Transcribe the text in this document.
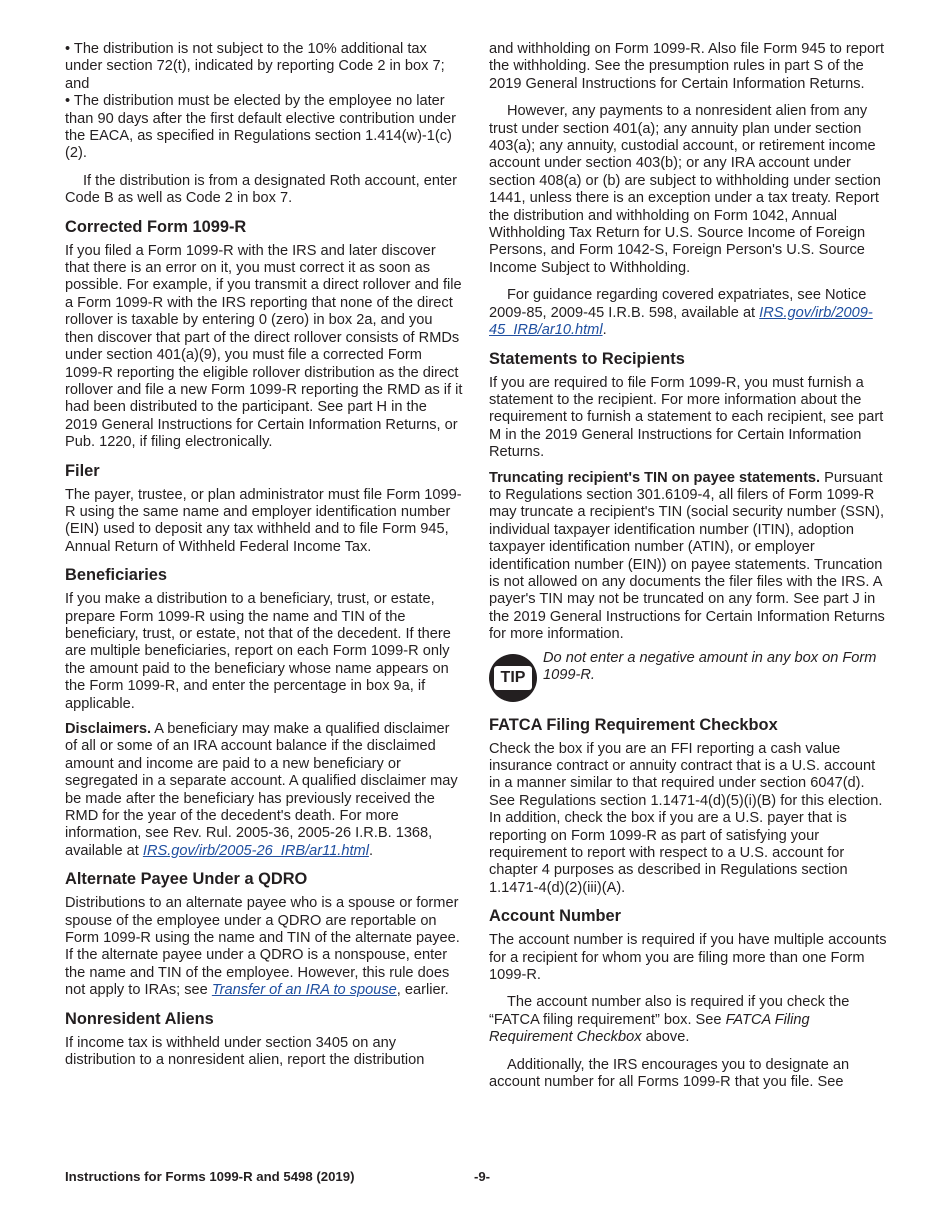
• The distribution is not subject to the 10% additional tax under section 72(t), indicated by reporting Code 2 in box 7; and

• The distribution must be elected by the employee no later than 90 days after the first default elective contribution under the EACA, as specified in Regulations section 1.414(w)-1(c)(2).

If the distribution is from a designated Roth account, enter Code B as well as Code 2 in box 7.

Corrected Form 1099-R

If you filed a Form 1099-R with the IRS and later discover that there is an error on it, you must correct it as soon as possible. For example, if you transmit a direct rollover and file a Form 1099-R with the IRS reporting that none of the direct rollover is taxable by entering 0 (zero) in box 2a, and you then discover that part of the direct rollover consists of RMDs under section 401(a)(9), you must file a corrected Form 1099-R reporting the eligible rollover distribution as the direct rollover and file a new Form 1099-R reporting the RMD as if it had been distributed to the participant. See part H in the 2019 General Instructions for Certain Information Returns, or Pub. 1220, if filing electronically.

Filer

The payer, trustee, or plan administrator must file Form 1099-R using the same name and employer identification number (EIN) used to deposit any tax withheld and to file Form 945, Annual Return of Withheld Federal Income Tax.

Beneficiaries

If you make a distribution to a beneficiary, trust, or estate, prepare Form 1099-R using the name and TIN of the beneficiary, trust, or estate, not that of the decedent. If there are multiple beneficiaries, report on each Form 1099-R only the amount paid to the beneficiary whose name appears on the Form 1099-R, and enter the percentage in box 9a, if applicable.

Disclaimers. A beneficiary may make a qualified disclaimer of all or some of an IRA account balance if the disclaimed amount and income are paid to a new beneficiary or segregated in a separate account. A qualified disclaimer may be made after the beneficiary has previously received the RMD for the year of the decedent's death. For more information, see Rev. Rul. 2005-36, 2005-26 I.R.B. 1368, available at IRS.gov/irb/2005-26_IRB/ar11.html.

Alternate Payee Under a QDRO

Distributions to an alternate payee who is a spouse or former spouse of the employee under a QDRO are reportable on Form 1099-R using the name and TIN of the alternate payee. If the alternate payee under a QDRO is a nonspouse, enter the name and TIN of the employee. However, this rule does not apply to IRAs; see Transfer of an IRA to spouse, earlier.

Nonresident Aliens

If income tax is withheld under section 3405 on any distribution to a nonresident alien, report the distribution

and withholding on Form 1099-R. Also file Form 945 to report the withholding. See the presumption rules in part S of the 2019 General Instructions for Certain Information Returns.

However, any payments to a nonresident alien from any trust under section 401(a); any annuity plan under section 403(a); any annuity, custodial account, or retirement income account under section 403(b); or any IRA account under section 408(a) or (b) are subject to withholding under section 1441, unless there is an exception under a tax treaty. Report the distribution and withholding on Form 1042, Annual Withholding Tax Return for U.S. Source Income of Foreign Persons, and Form 1042-S, Foreign Person's U.S. Source Income Subject to Withholding.

For guidance regarding covered expatriates, see Notice 2009-85, 2009-45 I.R.B. 598, available at IRS.gov/irb/2009-45_IRB/ar10.html.

Statements to Recipients

If you are required to file Form 1099-R, you must furnish a statement to the recipient. For more information about the requirement to furnish a statement to each recipient, see part M in the 2019 General Instructions for Certain Information Returns.

Truncating recipient's TIN on payee statements. Pursuant to Regulations section 301.6109-4, all filers of Form 1099-R may truncate a recipient's TIN (social security number (SSN), individual taxpayer identification number (ITIN), adoption taxpayer identification number (ATIN), or employer identification number (EIN)) on payee statements. Truncation is not allowed on any documents the filer files with the IRS. A payer's TIN may not be truncated on any form. See part J in the 2019 General Instructions for Certain Information Returns for more information.

TIP
Do not enter a negative amount in any box on Form 1099-R.
FATCA Filing Requirement Checkbox

Check the box if you are an FFI reporting a cash value insurance contract or annuity contract that is a U.S. account in a manner similar to that required under section 6047(d). See Regulations section 1.1471-4(d)(5)(i)(B) for this election. In addition, check the box if you are a U.S. payer that is reporting on Form 1099-R as part of satisfying your requirement to report with respect to a U.S. account for chapter 4 purposes as described in Regulations section 1.1471-4(d)(2)(iii)(A).

Account Number

The account number is required if you have multiple accounts for a recipient for whom you are filing more than one Form 1099-R.

The account number also is required if you check the “FATCA filing requirement” box. See FATCA Filing Requirement Checkbox above.

Additionally, the IRS encourages you to designate an account number for all Forms 1099-R that you file. See

Instructions for Forms 1099-R and 5498 (2019)	-9-
